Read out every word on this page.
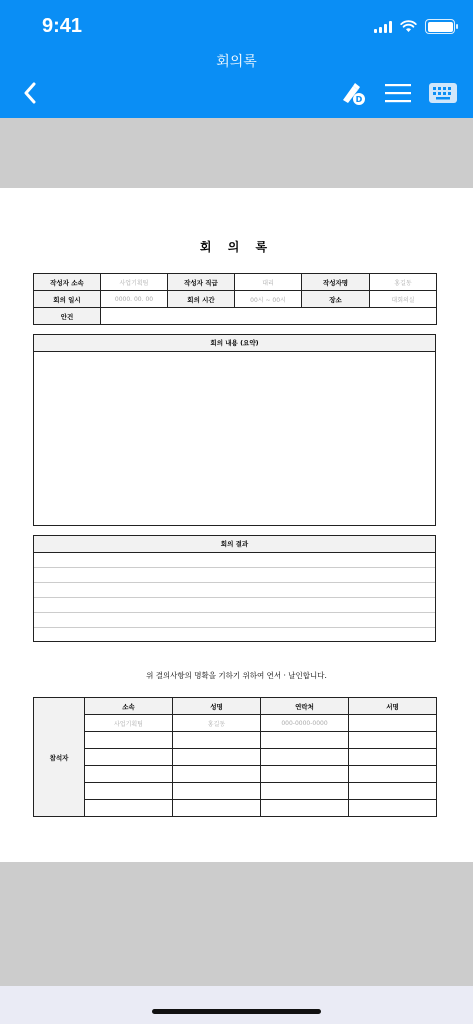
9:41
회의록
D
회 의 록
작성자 소속	사업기획팀	작성자 직급	대리	작성자명	홍길동
회의 일시	0000. 00. 00	회의 시간	00시 ~ 00시	장소	대회의실
안건					
회의 내용 (요약)
회의 결과
위 결의사항의 명확을 기하기 위하여 연서 · 날인합니다.
참석자	소속	성명	연락처	서명
	사업기획팀	홍길동	000-0000-0000	
